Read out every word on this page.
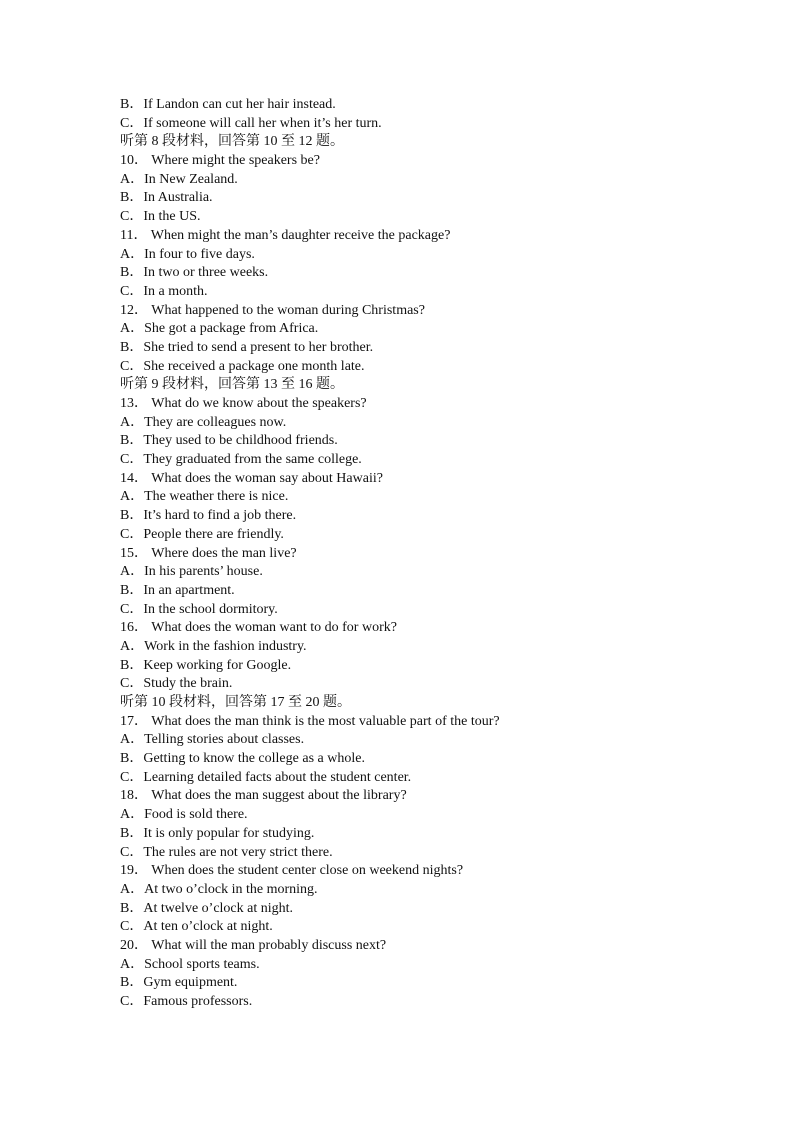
B．If Landon can cut her hair instead.
C．If someone will call her when it’s her turn.
听第 8 段材料，回答第 10 至 12 题。
10． Where might the speakers be?
A．In New Zealand.
B．In Australia.
C．In the US.
11． When might the man’s daughter receive the package?
A．In four to five days.
B．In two or three weeks.
C．In a month.
12． What happened to the woman during Christmas?
A．She got a package from Africa.
B．She tried to send a present to her brother.
C．She received a package one month late.
听第 9 段材料，回答第 13 至 16 题。
13． What do we know about the speakers?
A．They are colleagues now.
B．They used to be childhood friends.
C．They graduated from the same college.
14． What does the woman say about Hawaii?
A．The weather there is nice.
B．It’s hard to find a job there.
C．People there are friendly.
15． Where does the man live?
A．In his parents’ house.
B．In an apartment.
C．In the school dormitory.
16． What does the woman want to do for work?
A．Work in the fashion industry.
B．Keep working for Google.
C．Study the brain.
听第 10 段材料，回答第 17 至 20 题。
17． What does the man think is the most valuable part of the tour?
A．Telling stories about classes.
B．Getting to know the college as a whole.
C．Learning detailed facts about the student center.
18． What does the man suggest about the library?
A．Food is sold there.
B．It is only popular for studying.
C．The rules are not very strict there.
19． When does the student center close on weekend nights?
A．At two o’clock in the morning.
B．At twelve o’clock at night.
C．At ten o’clock at night.
20． What will the man probably discuss next?
A．School sports teams.
B．Gym equipment.
C．Famous professors.
